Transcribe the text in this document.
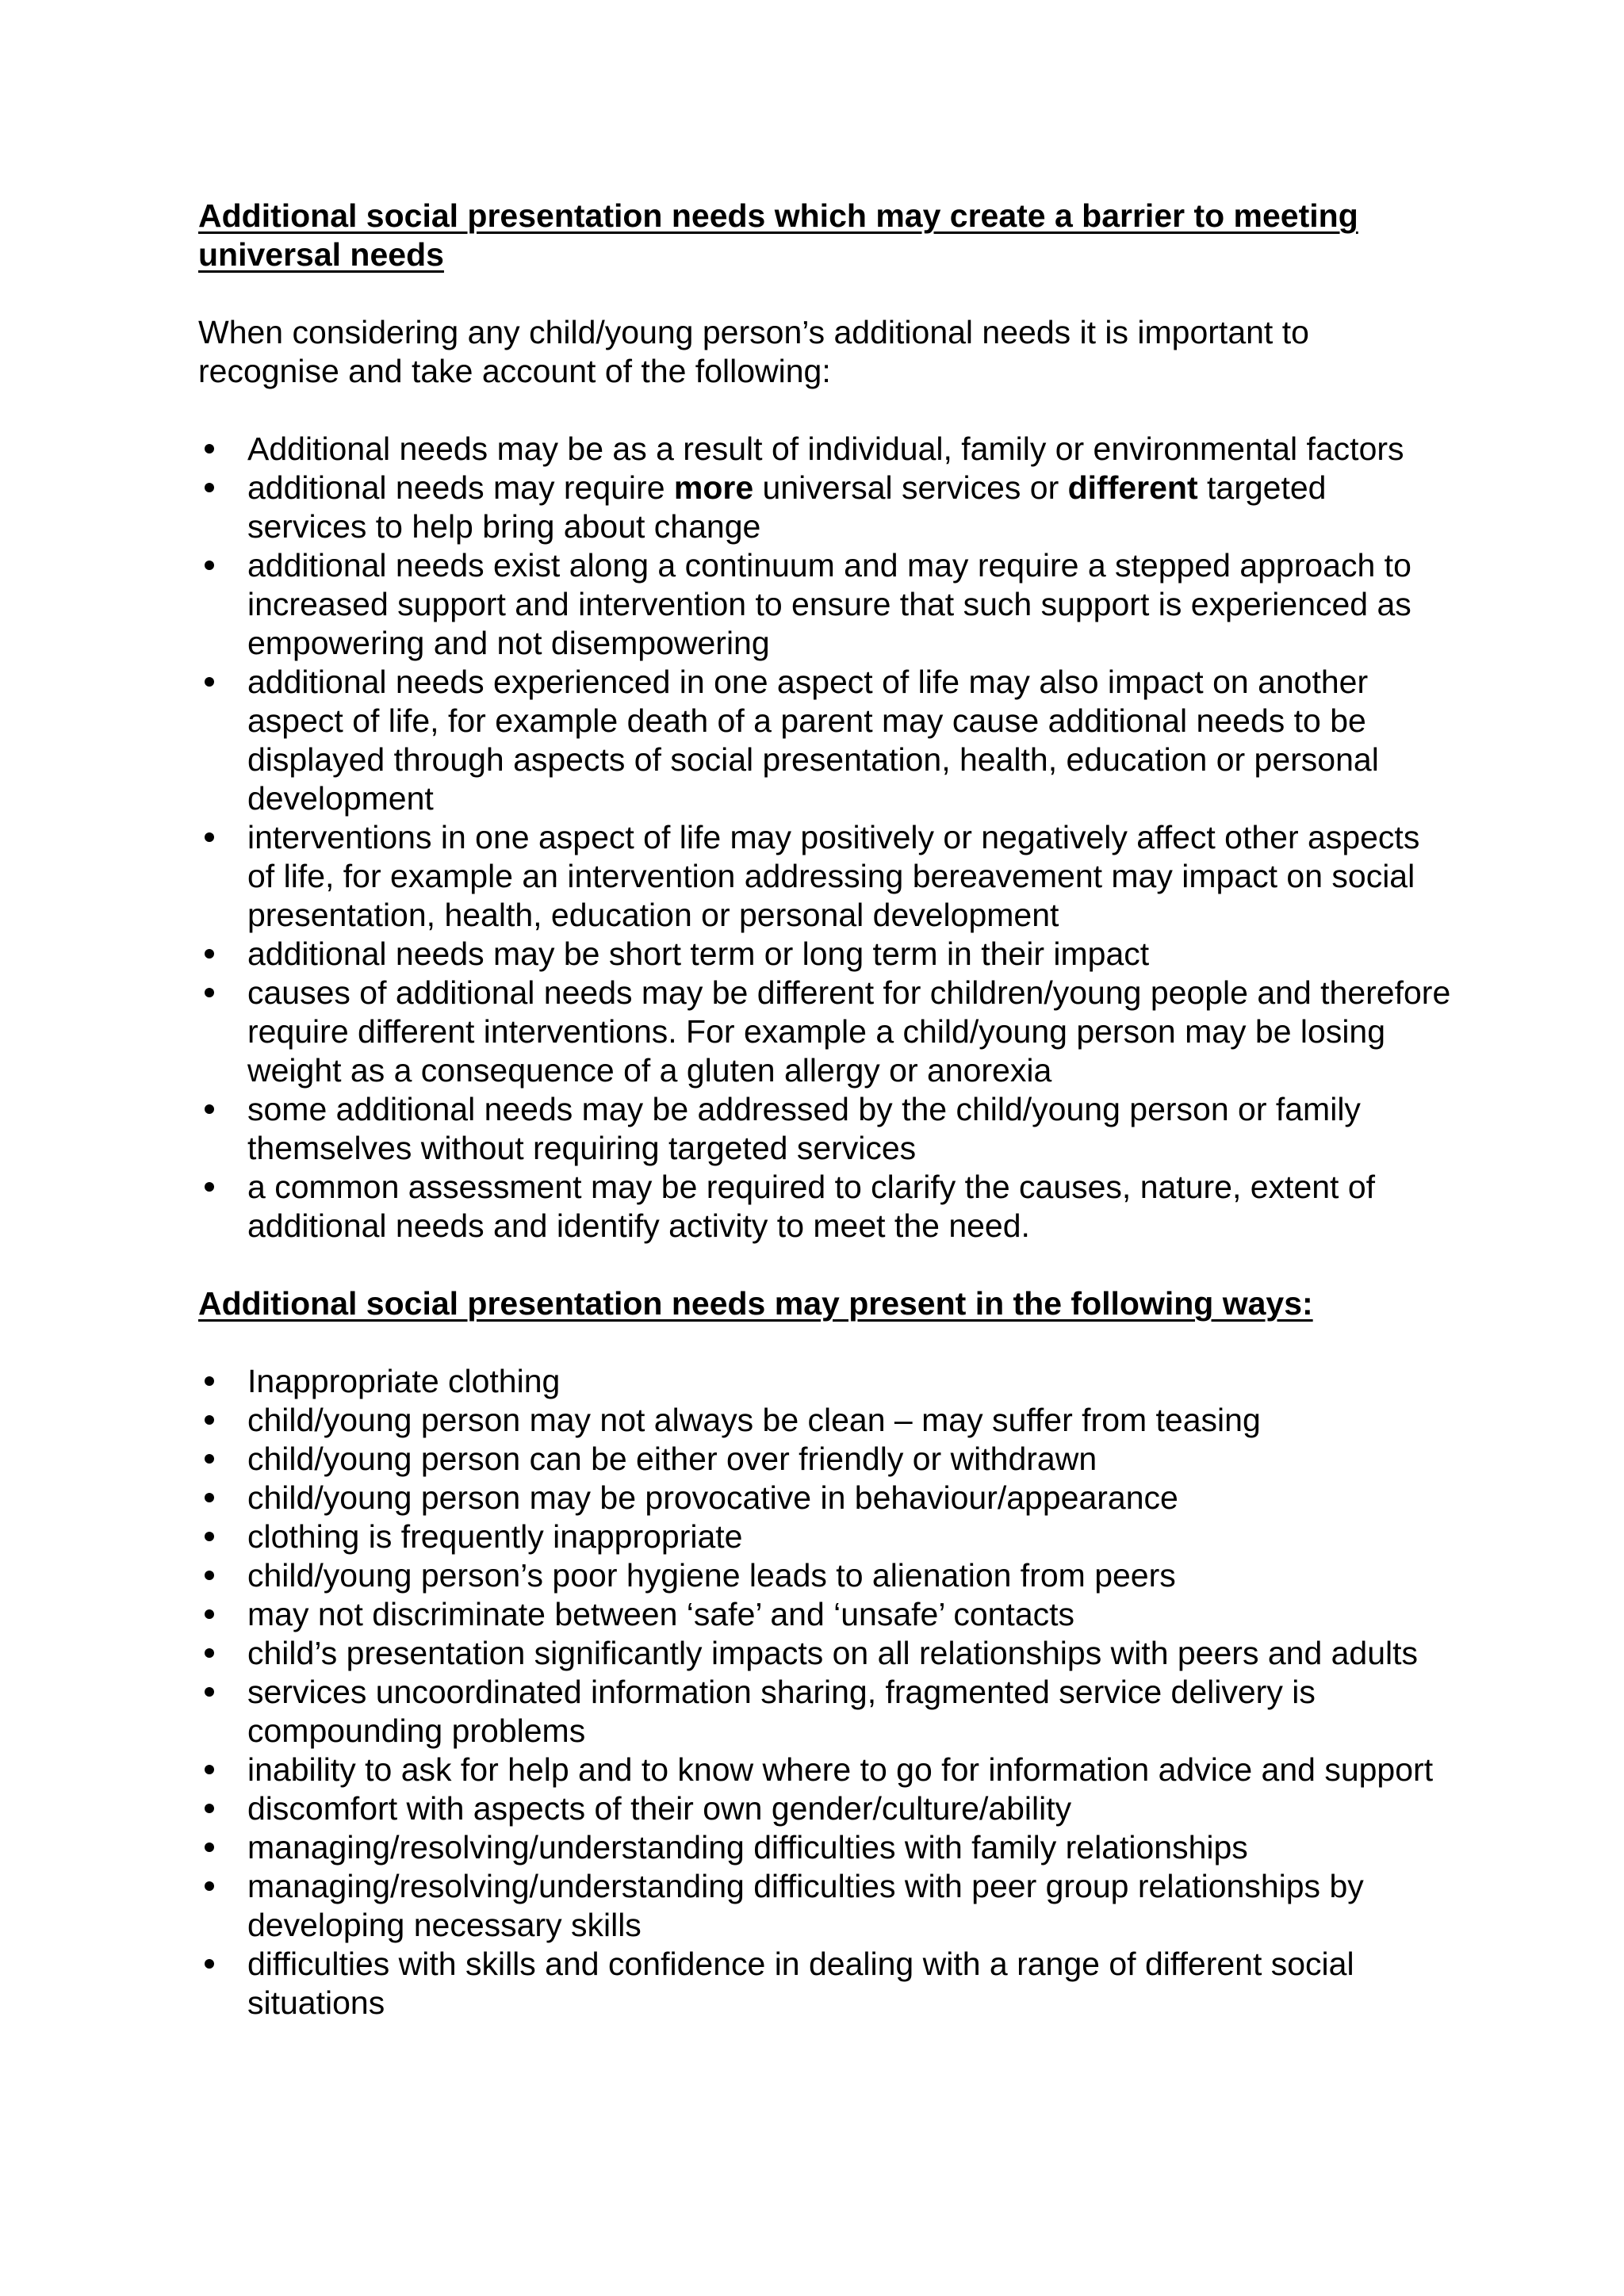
Additional social presentation needs which may create a barrier to meeting universal needs

When considering any child/young person’s additional needs it is important to recognise and take account of the following:

Additional needs may be as a result of individual, family or environmental factors
additional needs may require more universal services or different targeted services to help bring about change
additional needs exist along a continuum and may require a stepped approach to increased support and intervention to ensure that such support is experienced as empowering and not disempowering
additional needs experienced in one aspect of life may also impact on another aspect of life, for example death of a parent may cause additional needs to be displayed through aspects of social presentation, health, education or personal development
interventions in one aspect of life may positively or negatively affect other aspects of life, for example an intervention addressing bereavement may impact on social presentation, health, education or personal development
additional needs may be short term or long term in their impact
causes of additional needs may be different for children/young people and therefore require different interventions. For example a child/young person may be losing weight as a consequence of a gluten allergy or anorexia
some additional needs may be addressed by the child/young person or family themselves without requiring targeted services
a common assessment may be required to clarify the causes, nature, extent of additional needs and identify activity to meet the need.
Additional social presentation needs may present in the following ways:
Inappropriate clothing
child/young person may not always be clean – may suffer from teasing
child/young person can be either over friendly or withdrawn
child/young person may be provocative in behaviour/appearance
clothing is frequently inappropriate
child/young person’s poor hygiene leads to alienation from peers
may not discriminate between ‘safe’ and ‘unsafe’ contacts
child’s presentation significantly impacts on all relationships with peers and adults
services uncoordinated information sharing, fragmented service delivery is compounding problems
inability to ask for help and to know where to go for information advice and support
discomfort with aspects of their own gender/culture/ability
managing/resolving/understanding difficulties with family relationships
managing/resolving/understanding difficulties with peer group relationships by developing necessary skills
difficulties with skills and confidence in dealing with a range of different social situations
